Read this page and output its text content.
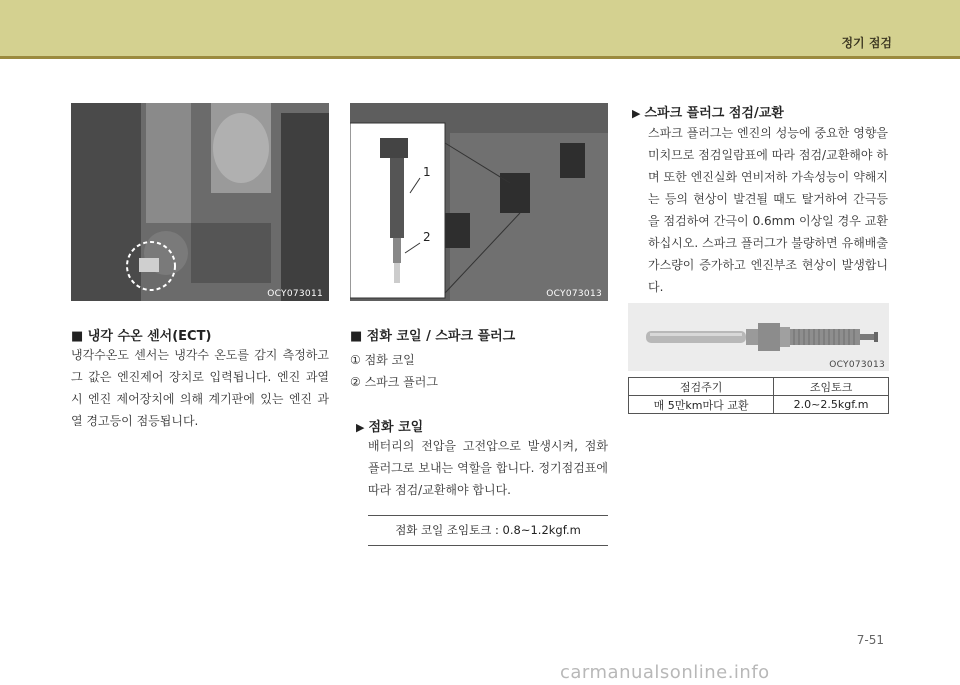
정기 점검
OCY073011
1
2
OCY073013
■ 냉각 수온 센서(ECT)
냉각수온도 센서는 냉각수 온도를 감지 측정하고 그 값은 엔진제어 장치로 입력됩니다. 엔진 과열 시 엔진 제어장치에 의해 계기판에 있는 엔진 과열 경고등이 점등됩니다.
■ 점화 코일 / 스파크 플러그
① 점화 코일
② 스파크 플러그
▶ 점화 코일
배터리의 전압을 고전압으로 발생시켜, 점화 플러그로 보내는 역할을 합니다. 정기점검표에 따라 점검/교환해야 합니다.
점화 코일 조임토크 : 0.8~1.2kgf.m
▶ 스파크 플러그 점검/교환
스파크 플러그는 엔진의 성능에 중요한 영향을 미치므로 점검일람표에 따라 점검/교환해야 하며 또한 엔진실화 연비저하 가속성능이 약해지는 등의 현상이 발견될 때도 탈거하여 간극등을 점검하여 간극이 0.6mm 이상일 경우 교환하십시오. 스파크 플러그가 불량하면 유해배출 가스량이 증가하고 엔진부조 현상이 발생합니다.
OCY073013
점검주기	조임토크
매 5만km마다 교환	2.0~2.5kgf.m
7-51
carmanualsonline.info
